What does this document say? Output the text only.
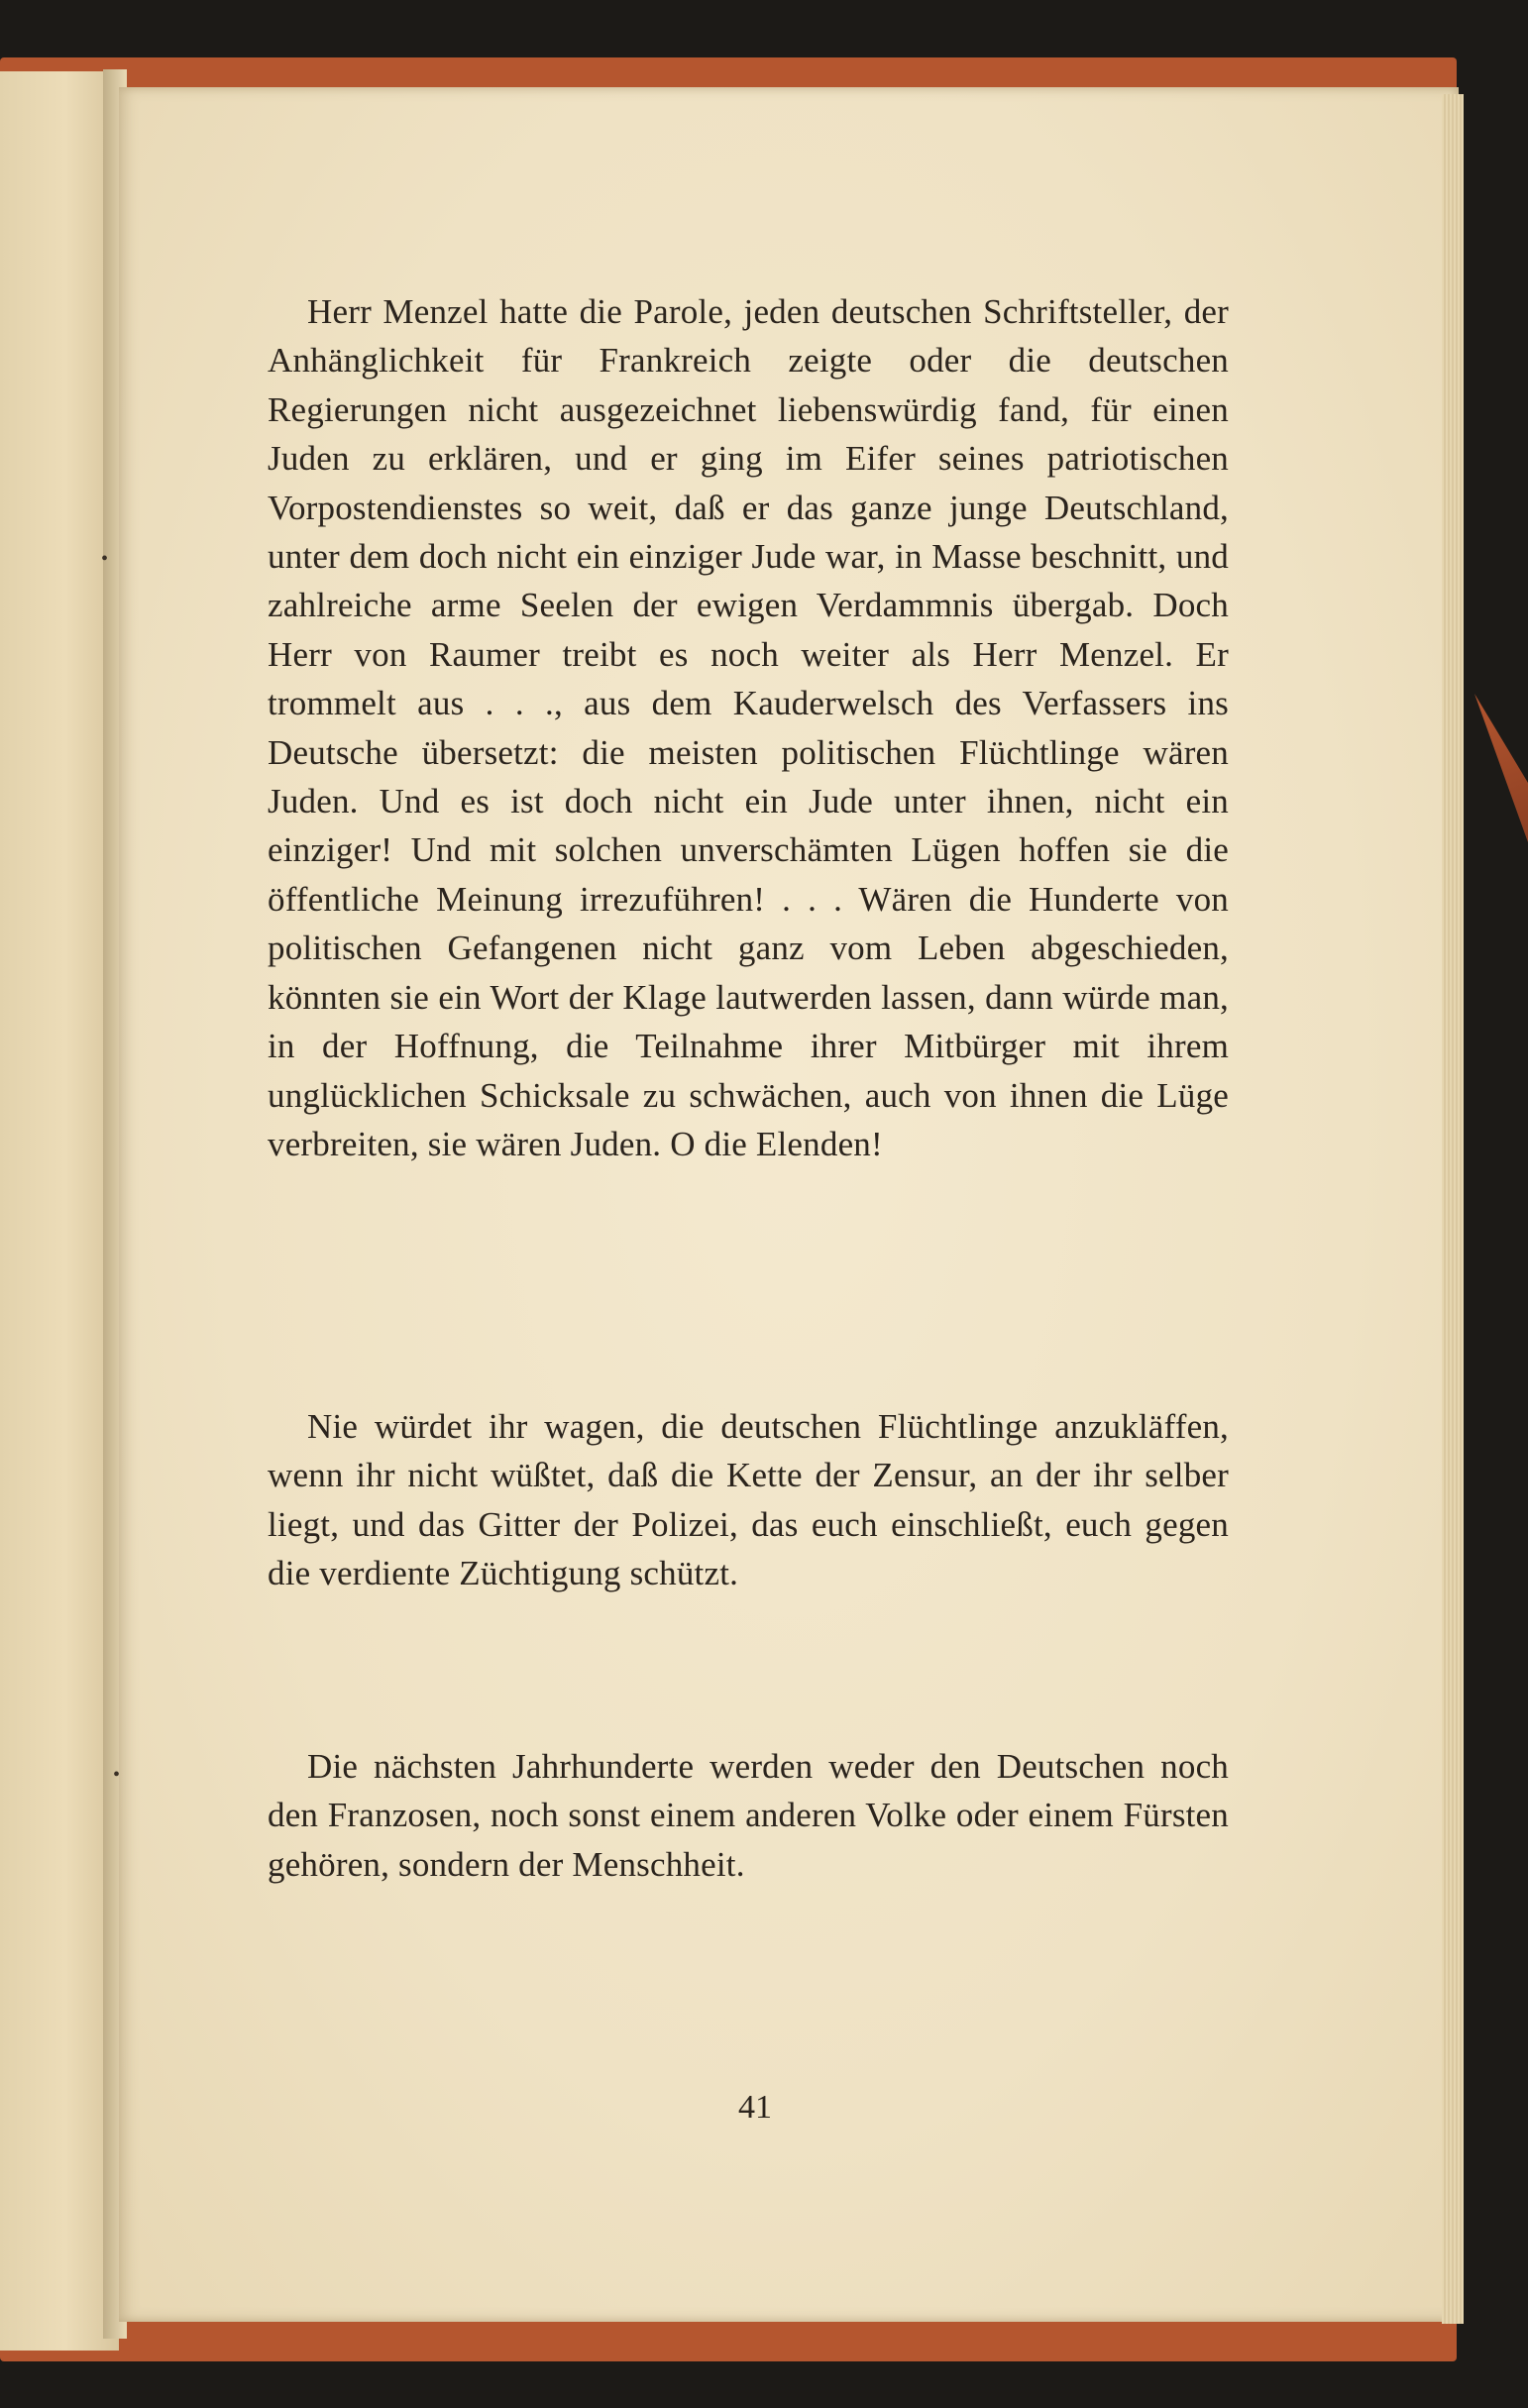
•
•

Herr Menzel hatte die Parole, jeden deutschen Schriftsteller, der Anhänglichkeit für Frankreich zeigte oder die deutschen Regierungen nicht ausgezeichnet liebenswürdig fand, für einen Juden zu erklären, und er ging im Eifer seines patriotischen Vorpostendienstes so weit, daß er das ganze junge Deutschland, unter dem doch nicht ein einziger Jude war, in Masse beschnitt, und zahlreiche arme Seelen der ewigen Verdammnis übergab. Doch Herr von Raumer treibt es noch weiter als Herr Menzel. Er trommelt aus . . ., aus dem Kauderwelsch des Verfassers ins Deutsche übersetzt: die meisten politischen Flüchtlinge wären Juden. Und es ist doch nicht ein Jude unter ihnen, nicht ein einziger! Und mit solchen unverschämten Lügen hoffen sie die öffentliche Meinung irrezuführen! . . . Wären die Hunderte von politischen Gefangenen nicht ganz vom Leben abgeschieden, könnten sie ein Wort der Klage lautwerden lassen, dann würde man, in der Hoffnung, die Teilnahme ihrer Mitbürger mit ihrem unglücklichen Schicksale zu schwächen, auch von ihnen die Lüge verbreiten, sie wären Juden. O die Elenden!

Nie würdet ihr wagen, die deutschen Flüchtlinge anzukläffen, wenn ihr nicht wüßtet, daß die Kette der Zensur, an der ihr selber liegt, und das Gitter der Polizei, das euch einschließt, euch gegen die verdiente Züchtigung schützt.

Die nächsten Jahrhunderte werden weder den Deutschen noch den Franzosen, noch sonst einem anderen Volke oder einem Fürsten gehören, sondern der Menschheit.

41
